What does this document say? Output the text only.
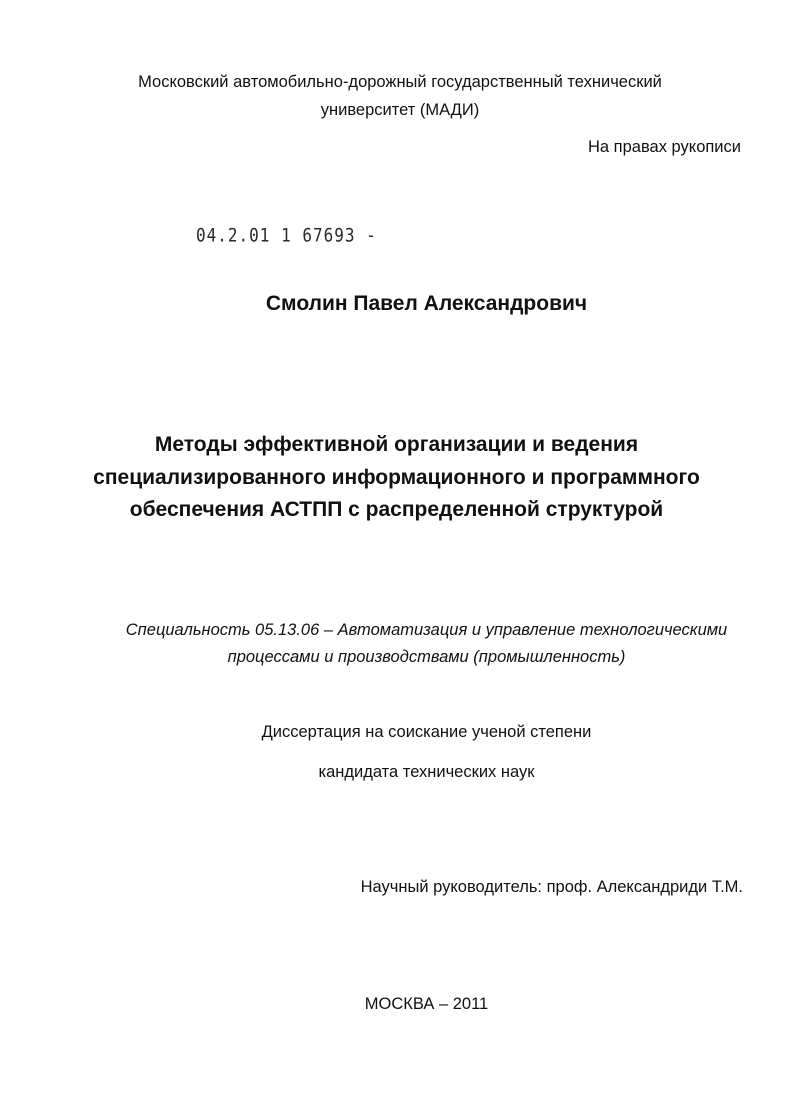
Московский автомобильно-дорожный государственный технический
университет (МАДИ)
На правах рукописи
04.2.01 1 67693 -
Смолин Павел Александрович
Методы эффективной организации и ведения
специализированного информационного и программного
обеспечения АСТПП с распределенной структурой
Специальность 05.13.06 – Автоматизация и управление технологическими
процессами и производствами (промышленность)
Диссертация на соискание ученой степени
кандидата технических наук
Научный руководитель: проф. Александриди Т.М.
МОСКВА – 2011
